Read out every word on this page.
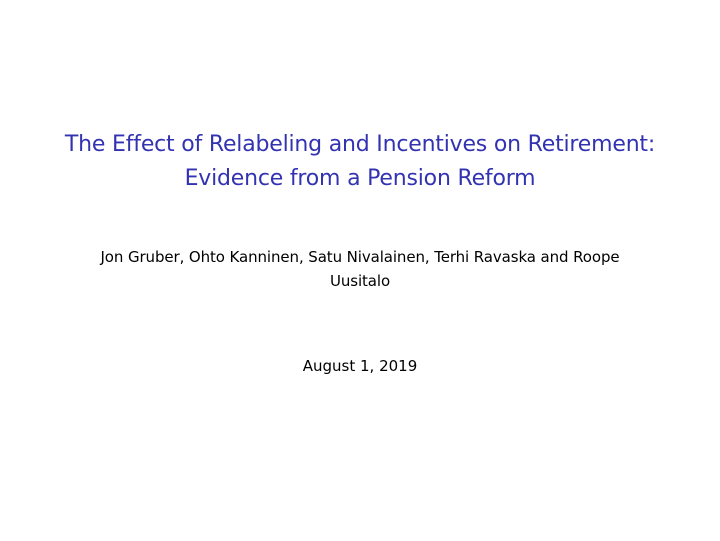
The Effect of Relabeling and Incentives on Retirement:
Evidence from a Pension Reform
Jon Gruber, Ohto Kanninen, Satu Nivalainen, Terhi Ravaska and Roope
Uusitalo
August 1, 2019
